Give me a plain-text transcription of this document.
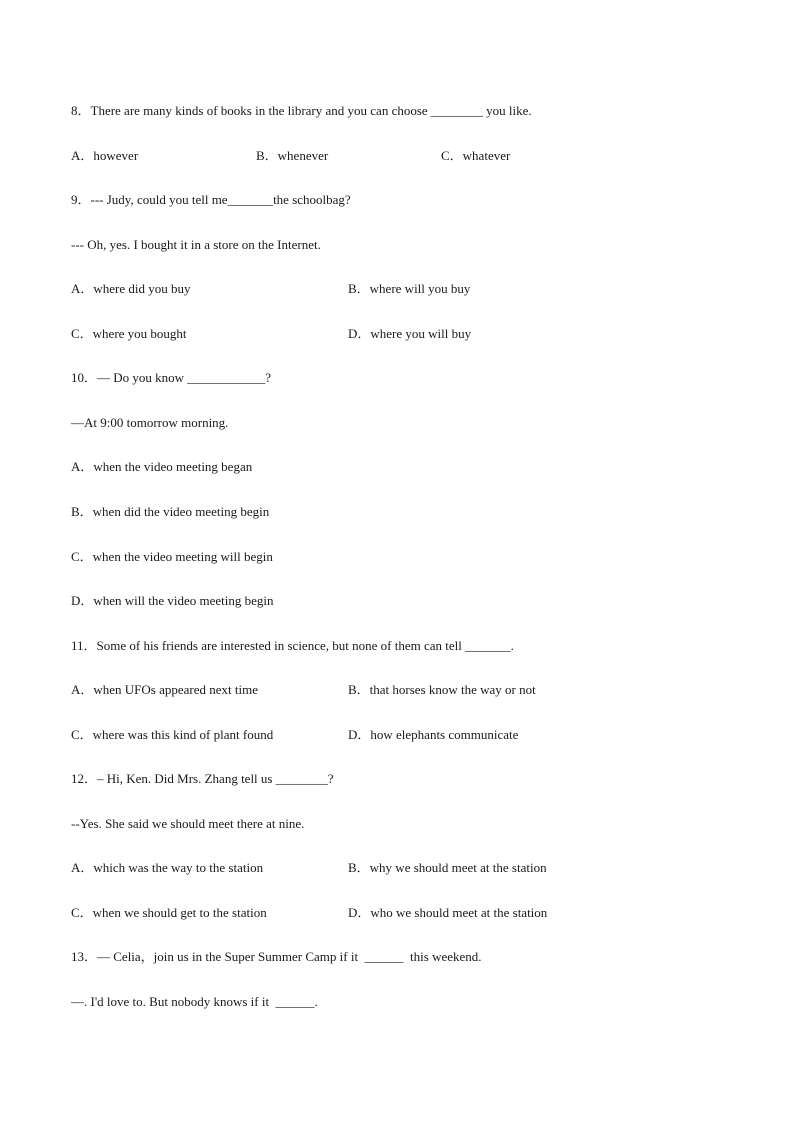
8．There are many kinds of books in the library and you can choose ________ you like.
A．however	B．whenever	C．whatever
9．--- Judy, could you tell me_______the schoolbag?
--- Oh, yes. I bought it in a store on the Internet.
A．where did you buy	B．where will you buy
C．where you bought	D．where you will buy
10．— Do you know ____________?
—At 9:00 tomorrow morning.
A．when the video meeting began
B．when did the video meeting begin
C．when the video meeting will begin
D．when will the video meeting begin
11．Some of his friends are interested in science, but none of them can tell _______.
A．when UFOs appeared next time	B．that horses know the way or not
C．where was this kind of plant found	D．how elephants communicate
12．– Hi, Ken. Did Mrs. Zhang tell us ________?
--Yes. She said we should meet there at nine.
A．which was the way to the station	B．why we should meet at the station
C．when we should get to the station	D．who we should meet at the station
13．— Celia，join us in the Super Summer Camp if it  ______  this weekend.
—. I'd love to. But nobody knows if it  ______.
